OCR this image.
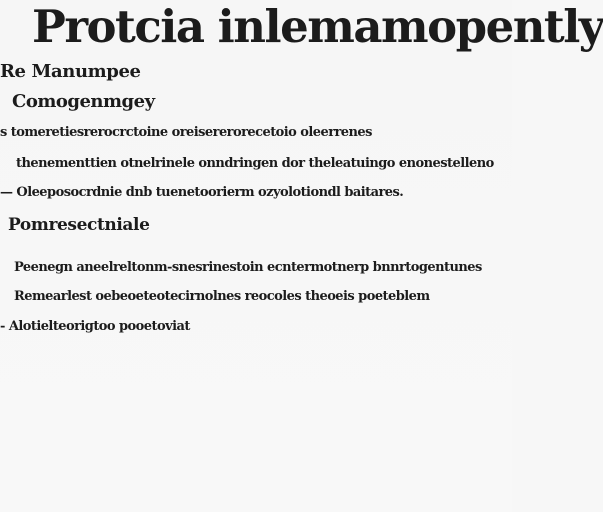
Protcia inlemamopently
Re Manumpee
Comogenmgey
s tomeretiesrerocrctoine oreisererorecetoio oleerrenes
thenementtien otnelrinele onndringen dor theleatuingo enonestelleno
— Oleeposocrdnie dnb tuenetoorierm ozyolotiondl baitares.
Pomresectniale
Peenegn aneelreltonm-snesrinestoin ecntermotnerp bnnrtogentunes
Remearlest oebeoeteotecirnolnes reocoles theoeis poeteblem
- Alotielteorigtoo pooetoviat
